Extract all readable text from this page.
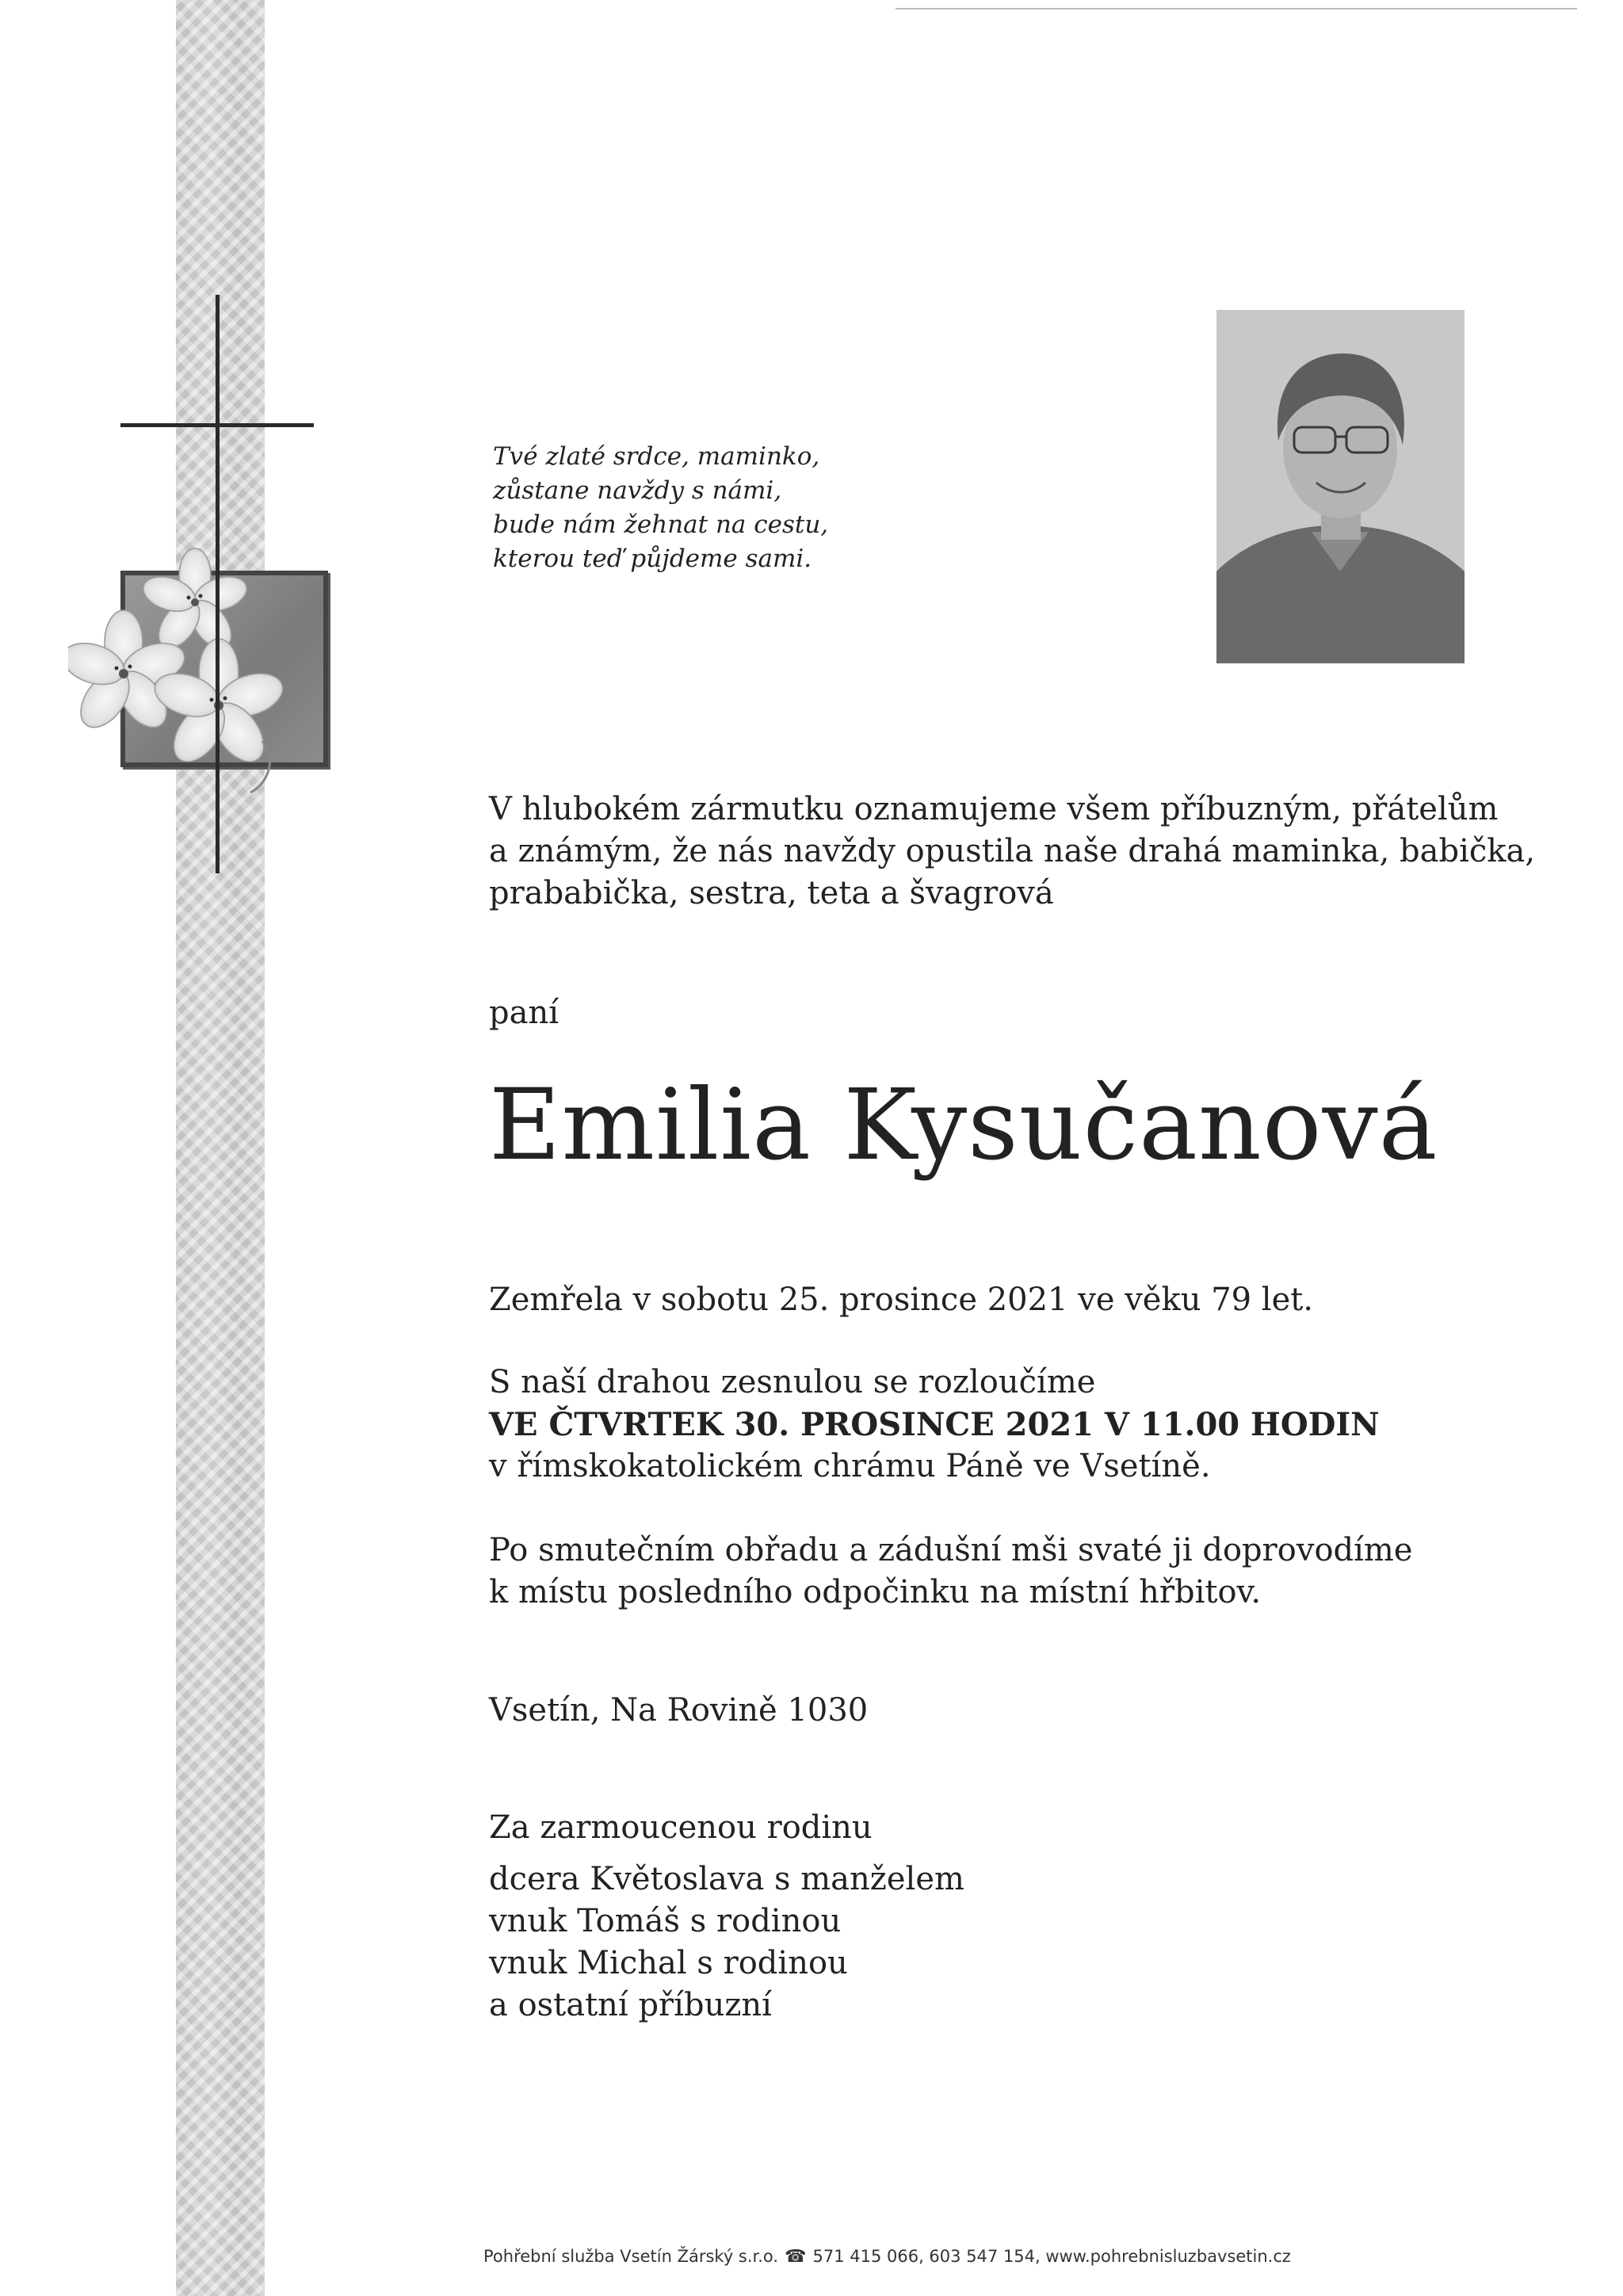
Tvé zlaté srdce, maminko,
zůstane navždy s námi,
bude nám žehnat na cestu,
kterou teď půjdeme sami.
V hlubokém zármutku oznamujeme všem příbuzným, přátelům
a známým, že nás navždy opustila naše drahá maminka, babička,
prababička, sestra, teta a švagrová
paní
Emilia Kysučanová
Zemřela v sobotu 25. prosince 2021 ve věku 79 let.
S naší drahou zesnulou se rozloučíme
VE ČTVRTEK 30. PROSINCE 2021 V 11.00 HODIN
v římskokatolickém chrámu Páně ve Vsetíně.
Po smutečním obřadu a zádušní mši svaté ji doprovodíme
k místu posledního odpočinku na místní hřbitov.
Vsetín, Na Rovině 1030
Za zarmoucenou rodinu
dcera Květoslava s manželem
vnuk Tomáš s rodinou
vnuk Michal s rodinou
a ostatní příbuzní
Pohřební služba Vsetín Žárský s.r.o. ☎ 571 415 066, 603 547 154, www.pohrebnisluzbavsetin.cz
